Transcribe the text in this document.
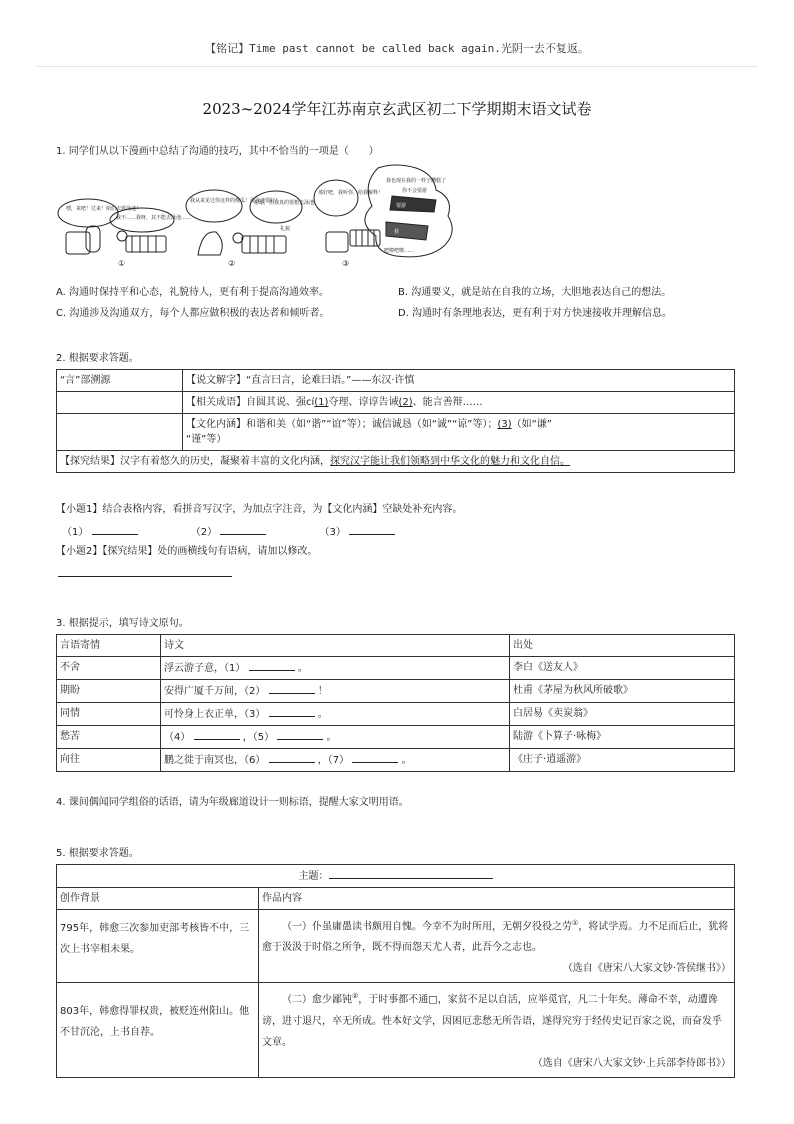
【铭记】Time past cannot be called back again.光阴一去不复返。
2023~2024学年江苏南京玄武区初二下学期期末语文试卷
1. 同学们从以下漫画中总结了沟通的技巧，其中不恰当的一项是（　　）
嘿，来吧！过来！咱们去游泳池！
我不……我呀，其不能去泳池……
①
我从来见过你这样的傻瓜！游泳池要好！
谢谢，但我真的要想去泳池。
礼貌
②
那好吧，我听你，给我解释！
我也现在我的一样子糟糕了
你不会要游
要游
我
吧啦吧啦……
③
A. 沟通时保持平和心态，礼貌待人，更有利于提高沟通效率。	B. 沟通要义，就是站在自我的立场，大胆地表达自己的想法。
C. 沟通涉及沟通双方，每个人都应做积极的表达者和倾听者。	D. 沟通时有条理地表达，更有利于对方快速接收并理解信息。
2. 根据要求答题。
“言”部溯源	【说文解字】“直言曰言，论难曰语。”——东汉·许慎
	【相关成语】自圆其说、强cí(1)夺理、谆谆告诫(2)、能言善辩……
	【文化内涵】和谐和美（如“谐”“谊”等）；诚信诚恳（如“诚”“谅”等）；(3)（如“谦”
“谨”等）
【探究结果】汉字有着悠久的历史，凝聚着丰富的文化内涵，探究汉字能让我们领略到中华文化的魅力和文化自信。	
【小题1】结合表格内容，看拼音写汉字，为加点字注音，为【文化内涵】空缺处补充内容。
（1）	（2）	（3）
【小题2】【探究结果】处的画横线句有语病，请加以修改。
3. 根据提示，填写诗文原句。
言语寄情	诗文	出处
不舍	浮云游子意，（1） 。	李白《送友人》
期盼	安得广厦千万间，（2） ！	杜甫《茅屋为秋风所破歌》
同情	可怜身上衣正单，（3） 。	白居易《卖炭翁》
愁苦	（4） ，（5） 。	陆游《卜算子·咏梅》
向往	鹏之徙于南冥也，（6） ，（7） 。	《庄子·逍遥游》
4. 课间偶闻同学组俗的话语，请为年级廊道设计一则标语，提醒大家文明用语。
5. 根据要求答题。
主题：	
创作背景	作品内容
795年，韩愈三次参加吏部考核皆不中，三次上书宰相未果。	（一）仆虽庸愚读书颇用自愧。今幸不为时所用，无朝夕役役之劳①，将试学焉。力不足而后止，犹将愈于汲汲于时俗之所争，既不得而怨天尤人者，此吾今之志也。
（选自《唐宋八大家文钞·答侯继书》）

803年，韩愈得罪权贵，被贬连州阳山。他不甘沉沦，上书自荐。	（二）愈少鄙钝②，于时事都不通□，家贫不足以自活，应举觅官，凡二十年矣。薄命不幸，动遭谗谤，进寸退尺，卒无所成。性本好文学，因困厄悲愁无所告语，遂得究穷于经传史记百家之说，而奋发乎文章。
（选自《唐宋八大家文钞·上兵部李侍郎书》）
